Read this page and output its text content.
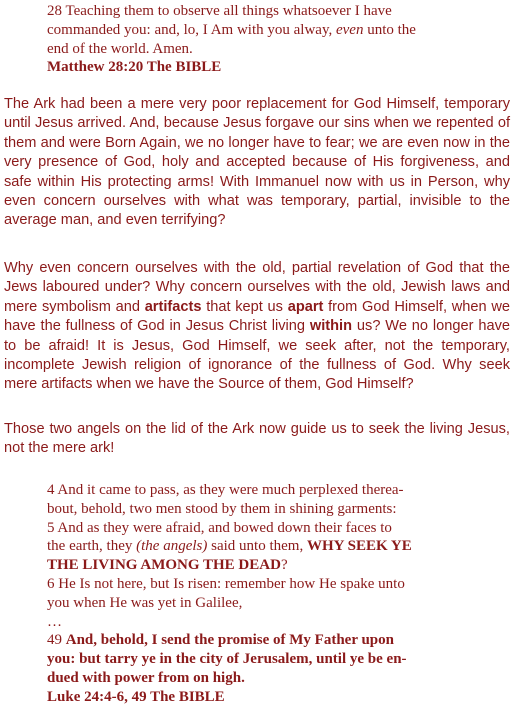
28 Teaching them to observe all things whatsoever I have
commanded you: and, lo, I Am with you alway, even unto the
end of the world. Amen.
Matthew 28:20 The BIBLE
The Ark had been a mere very poor replacement for God Himself, temporary until Jesus arrived. And, because Jesus forgave our sins when we repented of them and were Born Again, we no longer have to fear; we are even now in the very presence of God, holy and accepted because of His forgiveness, and safe within His protecting arms! With Immanuel now with us in Person, why even concern ourselves with what was temporary, partial, invisible to the average man, and even terrifying?
Why even concern ourselves with the old, partial revelation of God that the Jews laboured under? Why concern ourselves with the old, Jewish laws and mere symbolism and artifacts that kept us apart from God Himself, when we have the fullness of God in Jesus Christ living within us? We no longer have to be afraid! It is Jesus, God Himself, we seek after, not the temporary, incomplete Jewish religion of ignorance of the fullness of God. Why seek mere artifacts when we have the Source of them, God Himself?
Those two angels on the lid of the Ark now guide us to seek the living Jesus, not the mere ark!
4 And it came to pass, as they were much perplexed therea-
bout, behold, two men stood by them in shining garments:
5 And as they were afraid, and bowed down their faces to
the earth, they (the angels) said unto them, WHY SEEK YE
THE LIVING AMONG THE DEAD?
6 He Is not here, but Is risen: remember how He spake unto
you when He was yet in Galilee,
…
49 And, behold, I send the promise of My Father upon
you: but tarry ye in the city of Jerusalem, until ye be en-
dued with power from on high.
Luke 24:4-6, 49 The BIBLE
